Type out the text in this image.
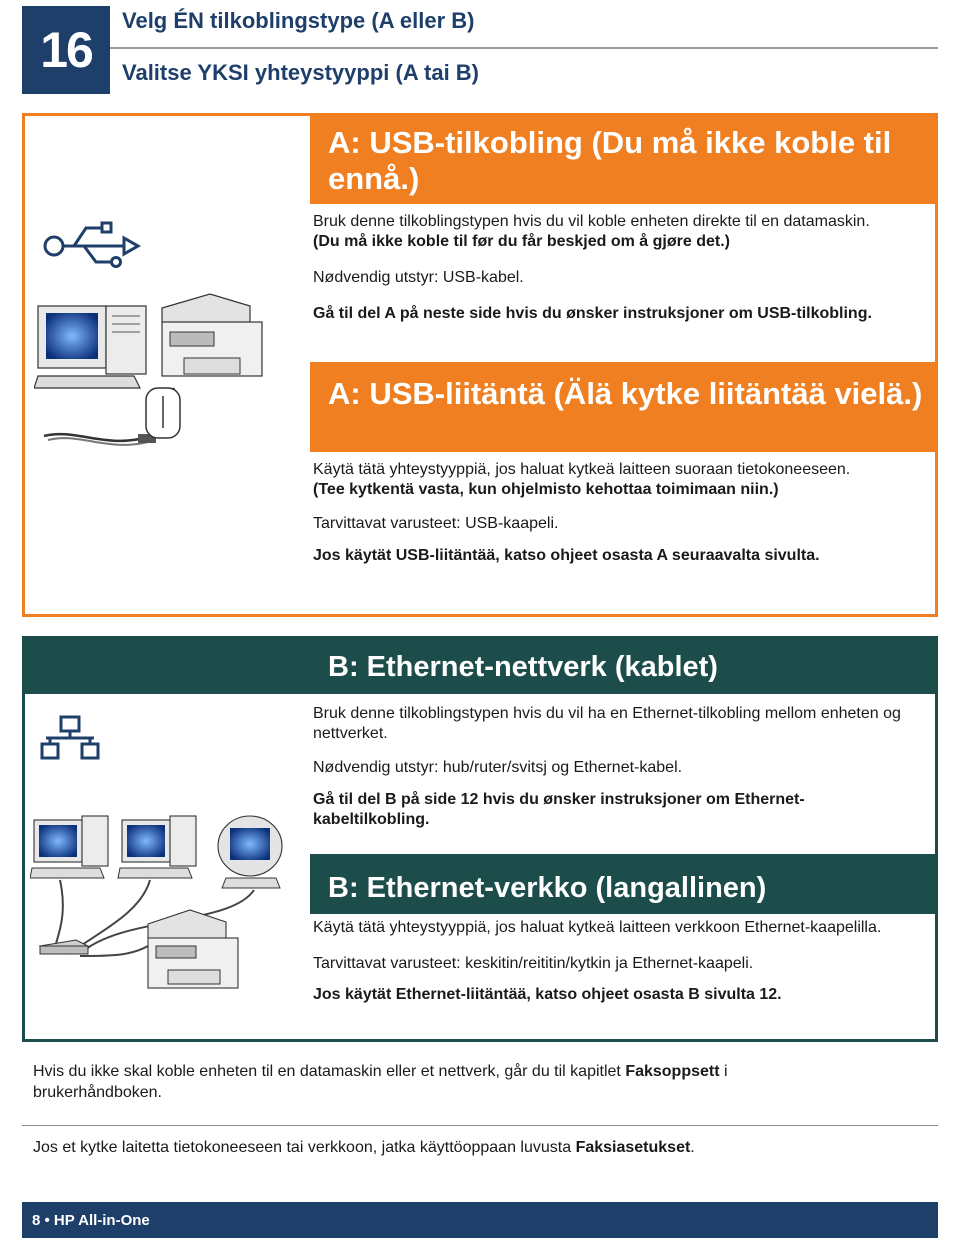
16
Velg ÉN tilkoblingstype (A eller B)
Valitse YKSI yhteystyyppi (A tai B)
A: USB-tilkobling (Du må ikke koble til ennå.)
Bruk denne tilkoblingstypen hvis du vil koble enheten direkte til en datamaskin.
(Du må ikke koble til før du får beskjed om å gjøre det.)
Nødvendig utstyr: USB-kabel.
Gå til del A på neste side hvis du ønsker instruksjoner om USB-tilkobling.
A: USB-liitäntä (Älä kytke liitäntää vielä.)
Käytä tätä yhteystyyppiä, jos haluat kytkeä laitteen suoraan tietokoneeseen.
(Tee kytkentä vasta, kun ohjelmisto kehottaa toimimaan niin.)
Tarvittavat varusteet: USB-kaapeli.
Jos käytät USB-liitäntää, katso ohjeet osasta A seuraavalta sivulta.
B: Ethernet-nettverk (kablet)
Bruk denne tilkoblingstypen hvis du vil ha en Ethernet-tilkobling mellom enheten og nettverket.
Nødvendig utstyr: hub/ruter/svitsj og Ethernet-kabel.
Gå til del B på side 12 hvis du ønsker instruksjoner om Ethernet-kabeltilkobling.
B: Ethernet-verkko (langallinen)
Käytä tätä yhteystyyppiä, jos haluat kytkeä laitteen verkkoon Ethernet-kaapelilla.
Tarvittavat varusteet: keskitin/reititin/kytkin ja Ethernet-kaapeli.
Jos käytät Ethernet-liitäntää, katso ohjeet osasta B sivulta 12.
Hvis du ikke skal koble enheten til en datamaskin eller et nettverk, går du til kapitlet Faksoppsett i brukerhåndboken.
Jos et kytke laitetta tietokoneeseen tai verkkoon, jatka käyttöoppaan luvusta Faksiasetukset.
8 • HP All-in-One
